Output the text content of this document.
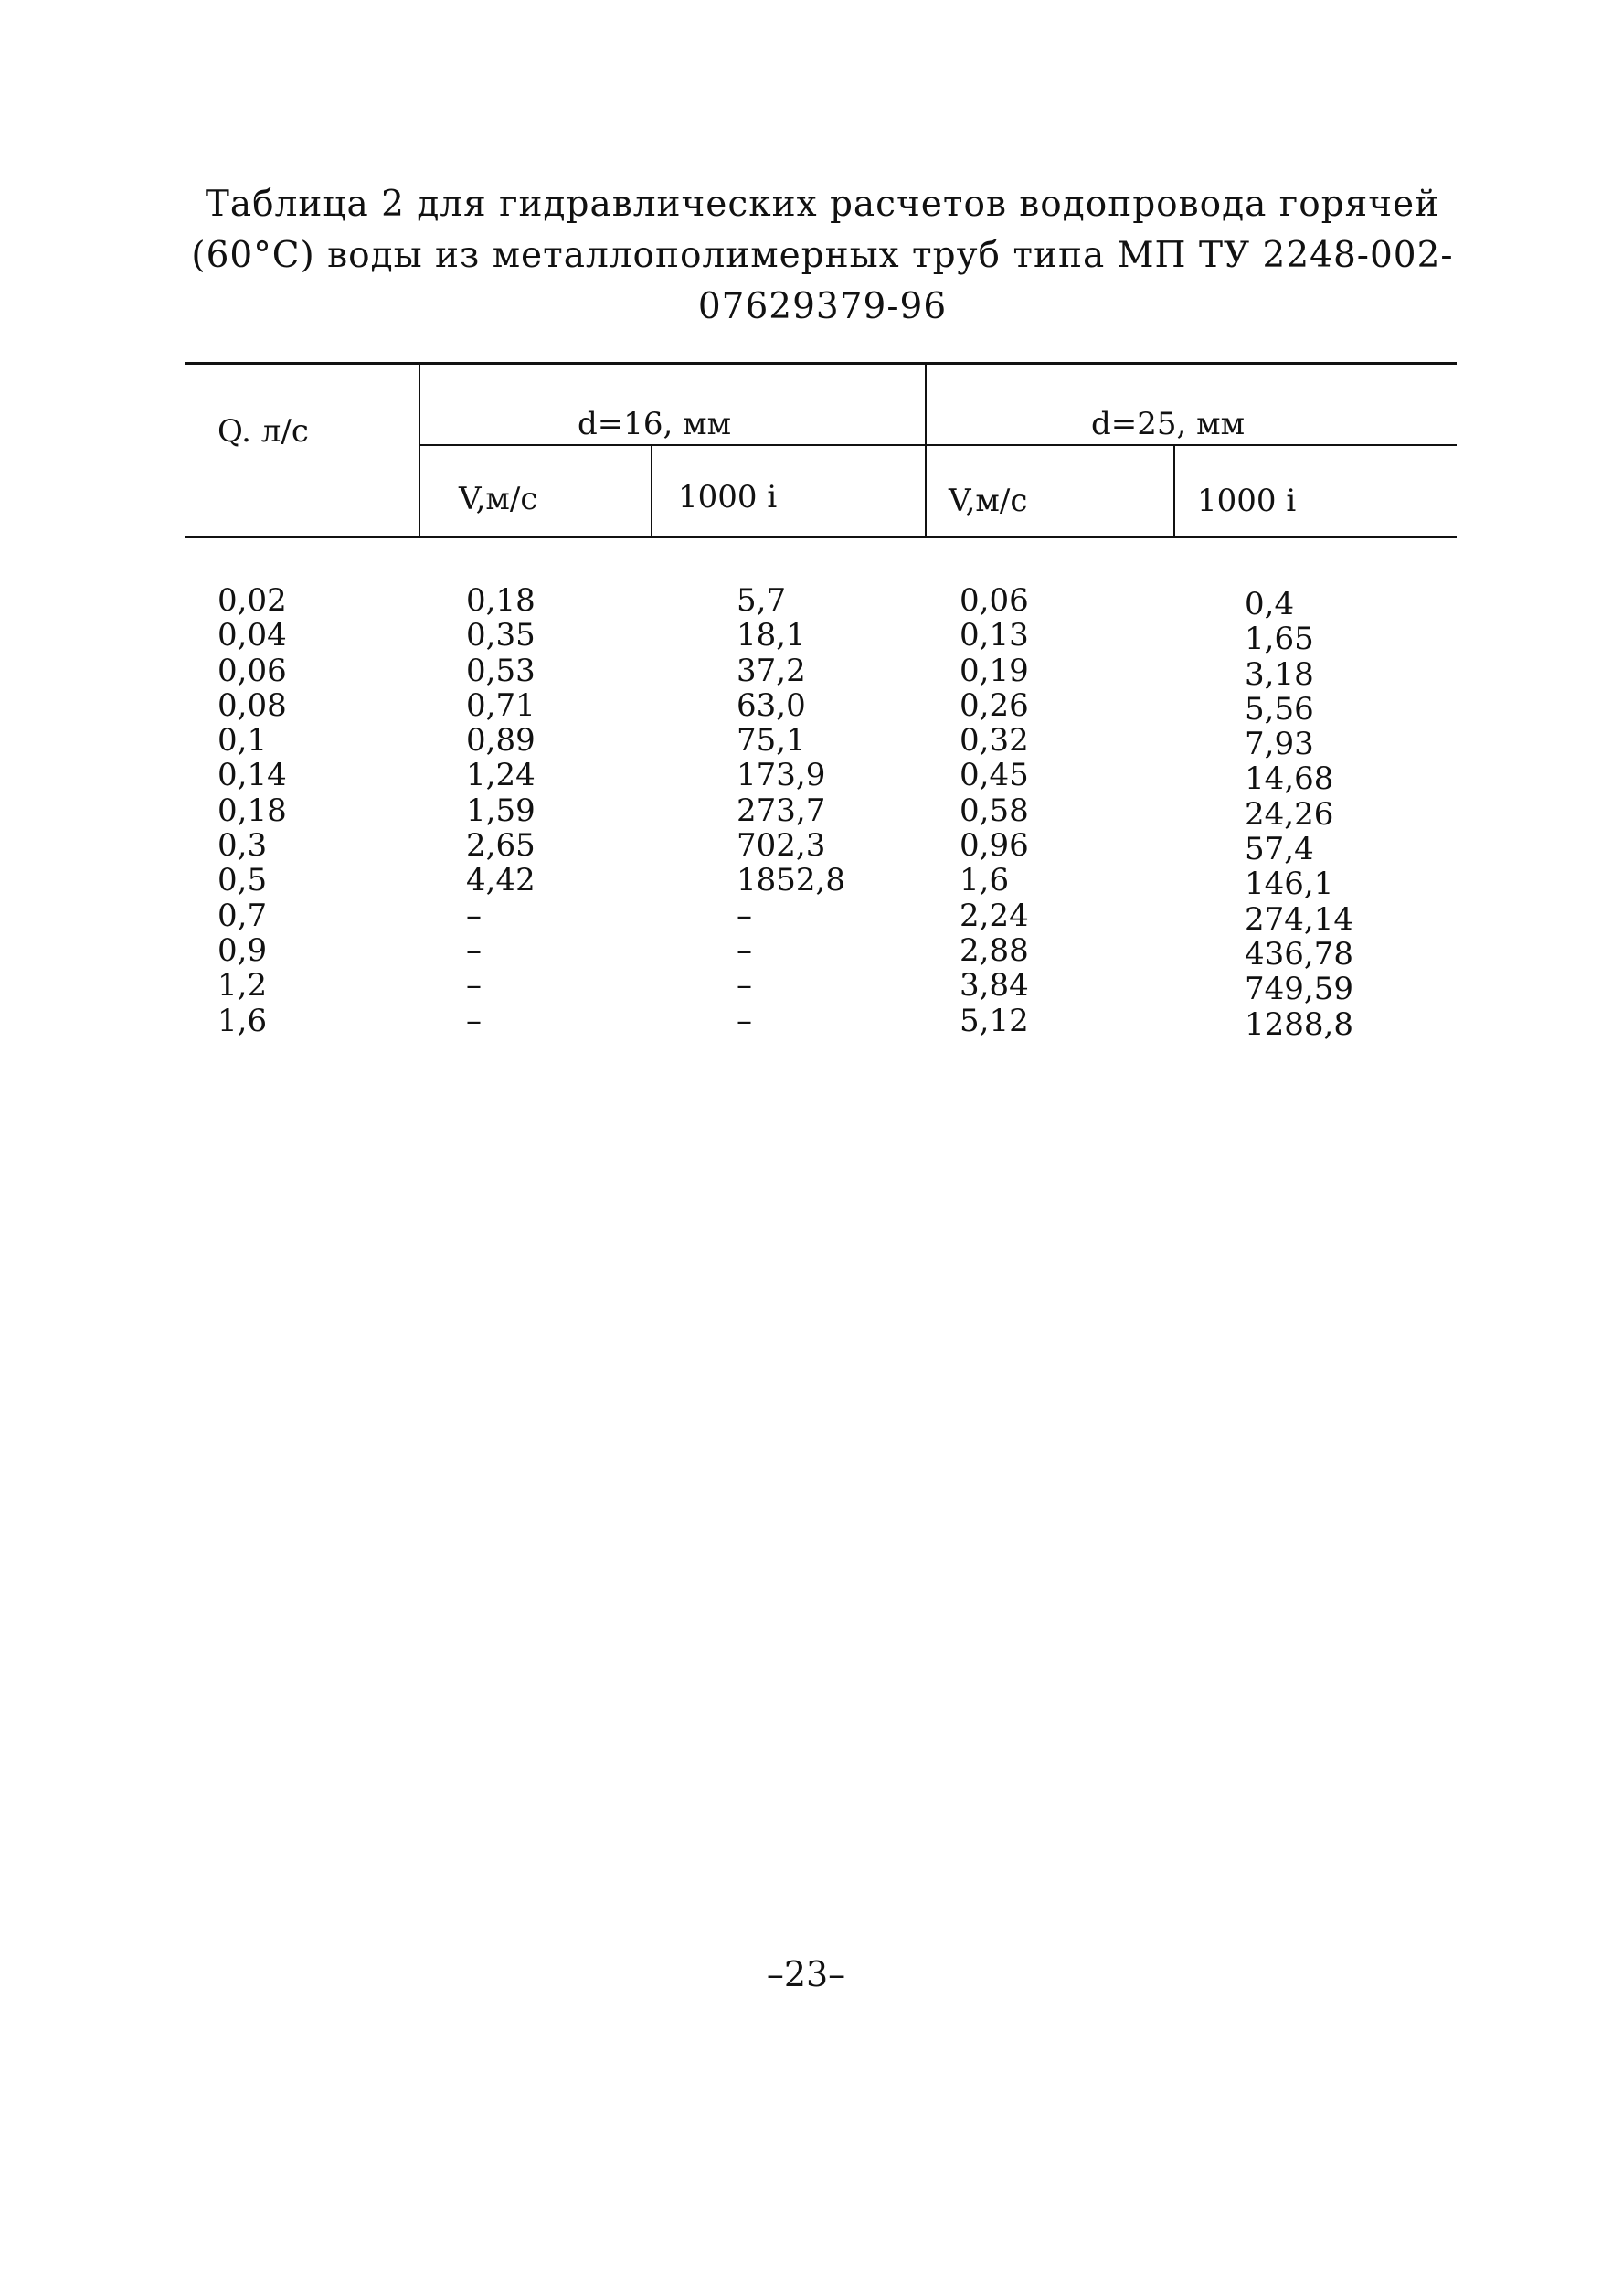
Таблица 2 для гидравлических расчетов водопровода горячей
(60°С) воды из металлополимерных труб типа МП ТУ 2248-002-
07629379-96
Q. л/с	d=16, мм	d=25, мм
V,м/с	1000 i	V,м/с	1000 i
0,02	0,18	5,7	0,06	0,4
0,04	0,35	18,1	0,13	1,65
0,06	0,53	37,2	0,19	3,18
0,08	0,71	63,0	0,26	5,56
0,1	0,89	75,1	0,32	7,93
0,14	1,24	173,9	0,45	14,68
0,18	1,59	273,7	0,58	24,26
0,3	2,65	702,3	0,96	57,4
0,5	4,42	1852,8	1,6	146,1
0,7	–	–	2,24	274,14
0,9	–	–	2,88	436,78
1,2	–	–	3,84	749,59
1,6	–	–	5,12	1288,8
–23–
